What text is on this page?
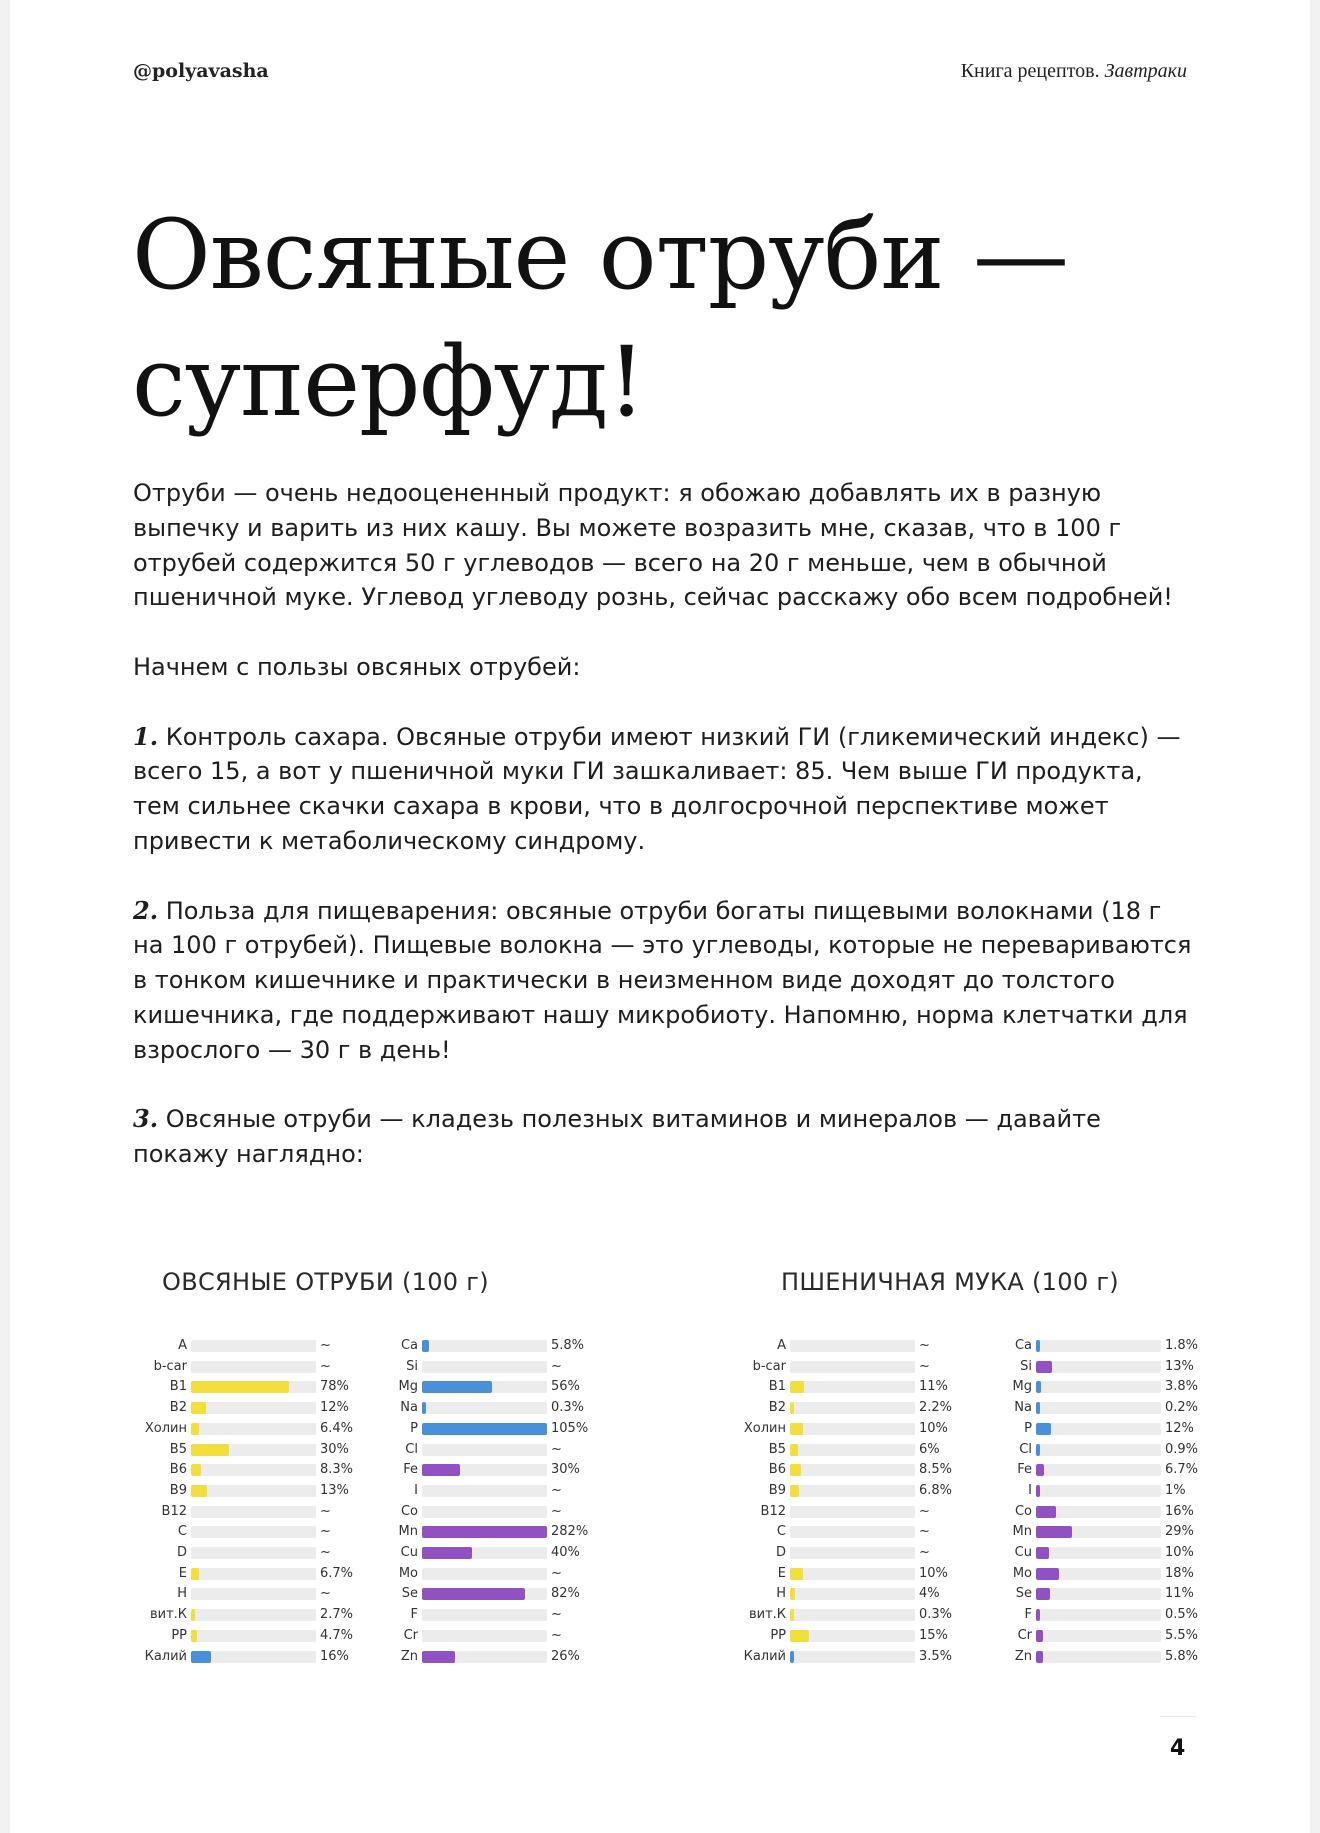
@polyavasha	Книга рецептов. Завтраки
Овсяные отруби —
суперфуд!

Отруби — очень недооцененный продукт: я обожаю добавлять их в разную выпечку и варить из них кашу. Вы можете возразить мне, сказав, что в 100 г отрубей содержится 50 г углеводов — всего на 20 г меньше, чем в обычной пшеничной муке. Углевод углеводу рознь, сейчас расскажу обо всем подробней!

Начнем с пользы овсяных отрубей:

1. Контроль сахара. Овсяные отруби имеют низкий ГИ (гликемический индекс) — всего 15, а вот у пшеничной муки ГИ зашкаливает: 85. Чем выше ГИ продукта, тем сильнее скачки сахара в крови, что в долгосрочной перспективе может привести к метаболическому синдрому.

2. Польза для пищеварения: овсяные отруби богаты пищевыми волокнами (18 г на 100 г отрубей). Пищевые волокна — это углеводы, которые не перевариваются в тонком кишечнике и практически в неизменном виде доходят до толстого кишечника, где поддерживают нашу микробиоту. Напомню, норма клетчатки для взрослого — 30 г в день!

3. Овсяные отруби — кладезь полезных витаминов и минералов — давайте покажу наглядно:

ОВСЯНЫЕ ОТРУБИ (100 г)	ПШЕНИЧНАЯ МУКА (100 г)
A	~
b-car	~
B1	78%
B2	12%
Холин	6.4%
B5	30%
B6	8.3%
B9	13%
B12	~
C	~
D	~
E	6.7%
H	~
вит.К	2.7%
PP	4.7%
Калий	16%
Ca	5.8%
Si	~
Mg	56%
Na	0.3%
P	105%
Cl	~
Fe	30%
I	~
Co	~
Mn	282%
Cu	40%
Mo	~
Se	82%
F	~
Cr	~
Zn	26%
A	~
b-car	~
B1	11%
B2	2.2%
Холин	10%
B5	6%
B6	8.5%
B9	6.8%
B12	~
C	~
D	~
E	10%
H	4%
вит.К	0.3%
PP	15%
Калий	3.5%
Ca	1.8%
Si	13%
Mg	3.8%
Na	0.2%
P	12%
Cl	0.9%
Fe	6.7%
I	1%
Co	16%
Mn	29%
Cu	10%
Mo	18%
Se	11%
F	0.5%
Cr	5.5%
Zn	5.8%
4
